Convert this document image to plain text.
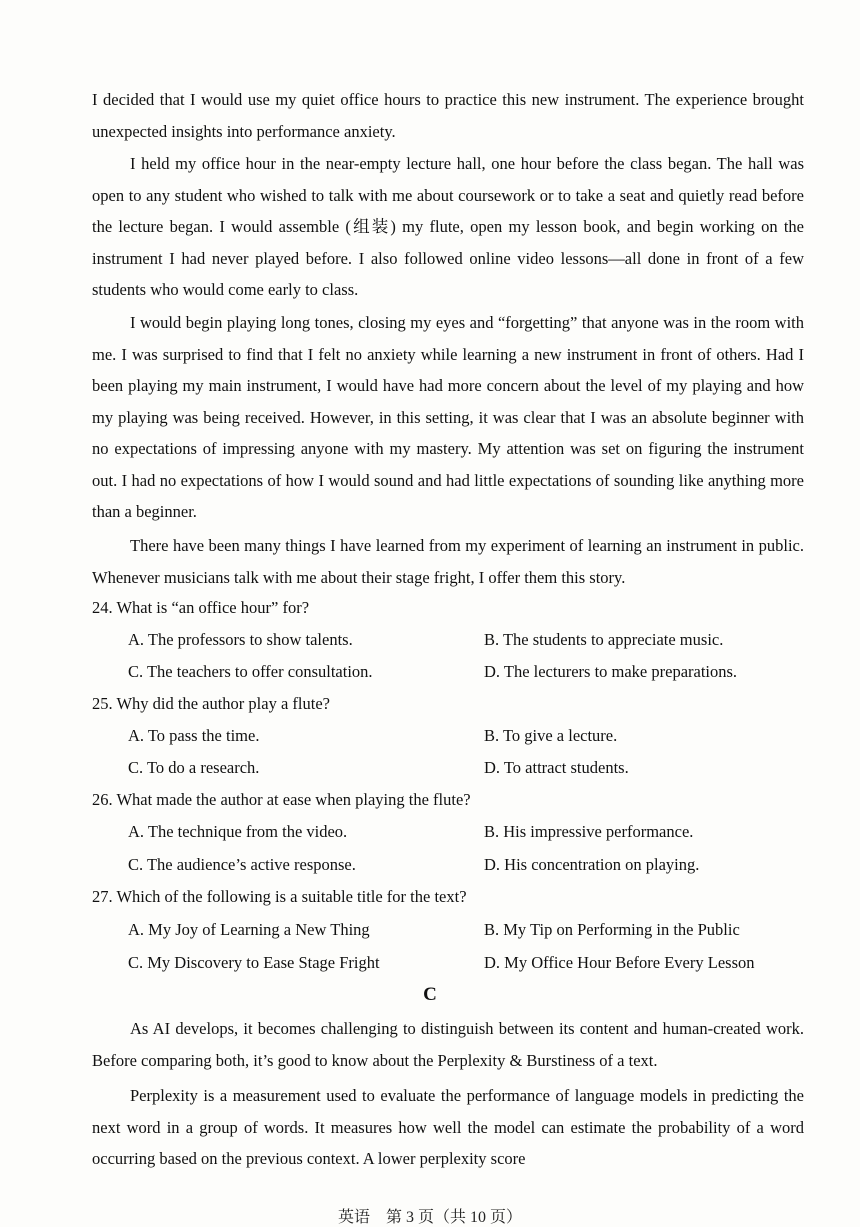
I decided that I would use my quiet office hours to practice this new instrument. The experience brought unexpected insights into performance anxiety.

I held my office hour in the near-empty lecture hall, one hour before the class began. The hall was open to any student who wished to talk with me about coursework or to take a seat and quietly read before the lecture began. I would assemble (组装) my flute, open my lesson book, and begin working on the instrument I had never played before. I also followed online video lessons—all done in front of a few students who would come early to class.

I would begin playing long tones, closing my eyes and “forgetting” that anyone was in the room with me. I was surprised to find that I felt no anxiety while learning a new instrument in front of others. Had I been playing my main instrument, I would have had more concern about the level of my playing and how my playing was being received. However, in this setting, it was clear that I was an absolute beginner with no expectations of impressing anyone with my mastery. My attention was set on figuring the instrument out. I had no expectations of how I would sound and had little expectations of sounding like anything more than a beginner.

There have been many things I have learned from my experiment of learning an instrument in public. Whenever musicians talk with me about their stage fright, I offer them this story.

24. What is “an office hour” for?

A. The professors to show talents.	B. The students to appreciate music.

C. The teachers to offer consultation.	D. The lecturers to make preparations.

25. Why did the author play a flute?

A. To pass the time.	B. To give a lecture.

C. To do a research.	D. To attract students.

26. What made the author at ease when playing the flute?

A. The technique from the video.	B. His impressive performance.

C. The audience’s active response.	D. His concentration on playing.

27. Which of the following is a suitable title for the text?

A. My Joy of Learning a New Thing	B. My Tip on Performing in the Public

C. My Discovery to Ease Stage Fright	D. My Office Hour Before Every Lesson

C

As AI develops, it becomes challenging to distinguish between its content and human-created work. Before comparing both, it’s good to know about the Perplexity & Burstiness of a text.

Perplexity is a measurement used to evaluate the performance of language models in predicting the next word in a group of words. It measures how well the model can estimate the probability of a word occurring based on the previous context. A lower perplexity score

英语　第 3 页（共 10 页）
